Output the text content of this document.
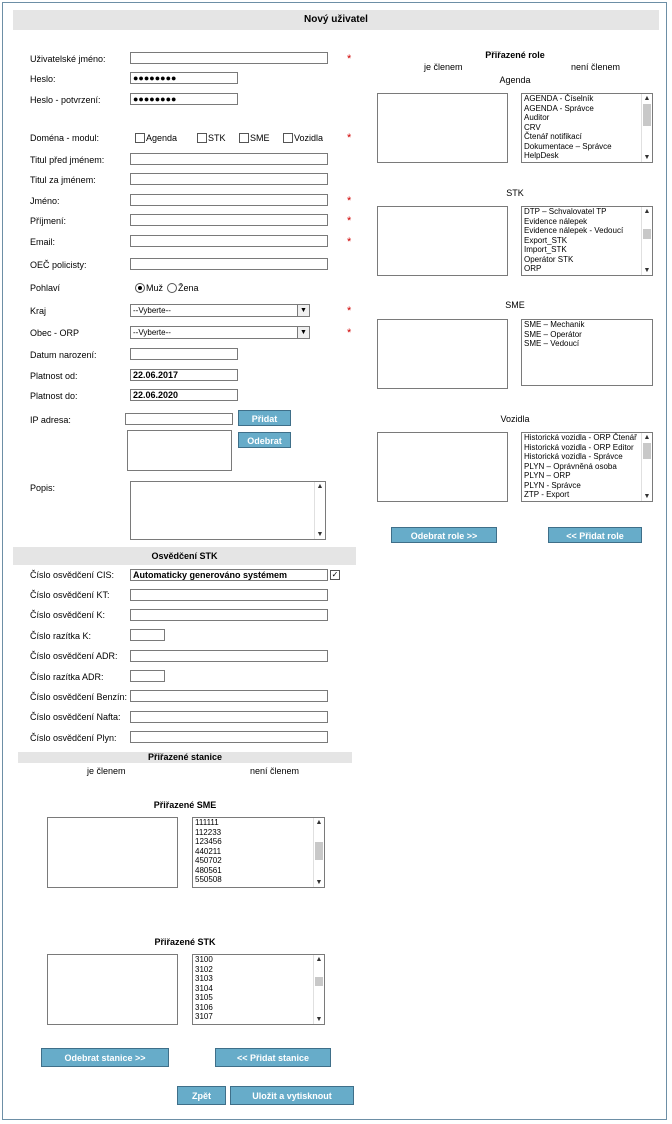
Nový uživatel
Uživatelské jméno:	*
Heslo:	●●●●●●●●
Heslo - potvrzení:	●●●●●●●●
Doména - modul:	Agenda	STK	SME	Vozidla *
Titul před jménem:
Titul za jménem:
Jméno:	*
Příjmení:	*
Email:	*
OEČ policisty:
Pohlaví	Muž Žena
Kraj	--Vyberte--	▼	*
Obec - ORP	--Vyberte--	▼	*
Datum narození:
Platnost od:	22.06.2017
Platnost do:	22.06.2020
IP adresa:	Přidat
Odebrat
Popis:	▲
▼
Přiřazené role
je členem	není členem
Agenda
AGENDA - Číselník
AGENDA - Správce
Auditor
CRV
Čtenář notifikací
Dokumentace – Správce
HelpDesk
▲
▼
STK
DTP – Schvalovatel TP
Evidence nálepek
Evidence nálepek - Vedoucí
Export_STK
Import_STK
Operátor STK
ORP
▲
▼
SME
SME – Mechanik
SME – Operátor
SME – Vedoucí
Vozidla
Historická vozidla - ORP Čtenář
Historická vozidla - ORP Editor
Historická vozidla - Správce
PLYN – Oprávněná osoba
PLYN – ORP
PLYN - Správce
ZTP - Export
▲
▼
Odebrat role >>	<< Přidat role
Osvědčení STK
Číslo osvědčení CIS:	Automaticky generováno systémem	✓
Číslo osvědčení KT:
Číslo osvědčení K:
Číslo razítka K:
Číslo osvědčení ADR:
Číslo razítka ADR:
Číslo osvědčení Benzín:
Číslo osvědčení Nafta:
Číslo osvědčení Plyn:
Přiřazené stanice
je členem	není členem
Přiřazené SME
111111
112233
123456
440211
450702
480561
550508
▲
▼
Přiřazené STK
3100
3102
3103
3104
3105
3106
3107
▲
▼
Odebrat stanice >>	<< Přidat stanice
Zpět	Uložit a vytisknout
